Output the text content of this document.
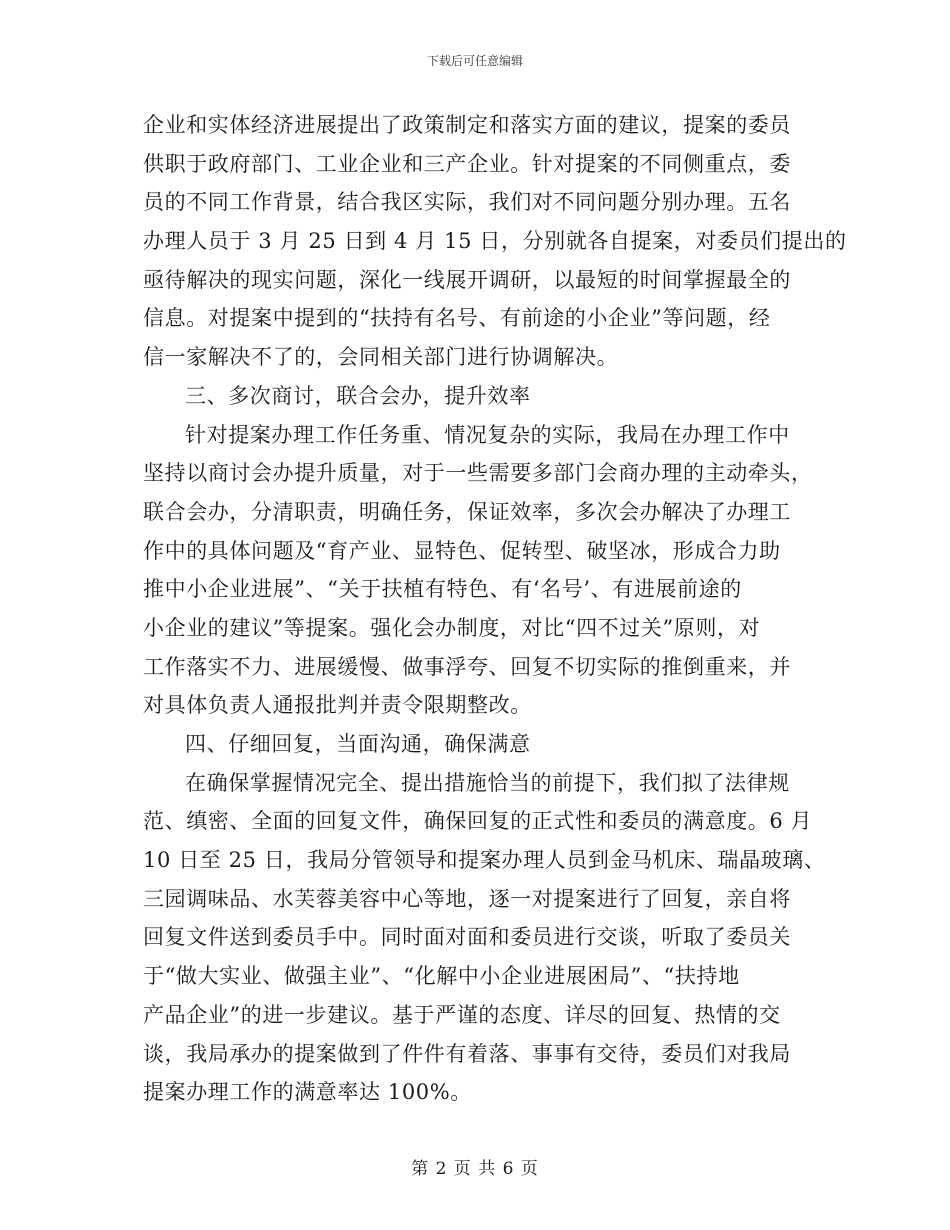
下载后可任意编辑
企业和实体经济进展提出了政策制定和落实方面的建议，提案的委员
供职于政府部门、工业企业和三产企业。针对提案的不同侧重点，委
员的不同工作背景，结合我区实际，我们对不同问题分别办理。五名
办理人员于 3 月 25 日到 4 月 15 日，分别就各自提案，对委员们提出的
亟待解决的现实问题，深化一线展开调研，以最短的时间掌握最全的
信息。对提案中提到的“扶持有名号、有前途的小企业”等问题，经
信一家解决不了的，会同相关部门进行协调解决。
三、多次商讨，联合会办，提升效率
针对提案办理工作任务重、情况复杂的实际，我局在办理工作中
坚持以商讨会办提升质量，对于一些需要多部门会商办理的主动牵头，
联合会办，分清职责，明确任务，保证效率，多次会办解决了办理工
作中的具体问题及“育产业、显特色、促转型、破坚冰，形成合力助
推中小企业进展”、“关于扶植有特色、有‘名号’、有进展前途的
小企业的建议”等提案。强化会办制度，对比“四不过关”原则，对
工作落实不力、进展缓慢、做事浮夸、回复不切实际的推倒重来，并
对具体负责人通报批判并责令限期整改。
四、仔细回复，当面沟通，确保满意
在确保掌握情况完全、提出措施恰当的前提下，我们拟了法律规
范、缜密、全面的回复文件，确保回复的正式性和委员的满意度。6 月
10 日至 25 日，我局分管领导和提案办理人员到金马机床、瑞晶玻璃、
三园调味品、水芙蓉美容中心等地，逐一对提案进行了回复，亲自将
回复文件送到委员手中。同时面对面和委员进行交谈，听取了委员关
于“做大实业、做强主业”、“化解中小企业进展困局”、“扶持地
产品企业”的进一步建议。基于严谨的态度、详尽的回复、热情的交
谈，我局承办的提案做到了件件有着落、事事有交待，委员们对我局
提案办理工作的满意率达 100%。
第 2 页 共 6 页
